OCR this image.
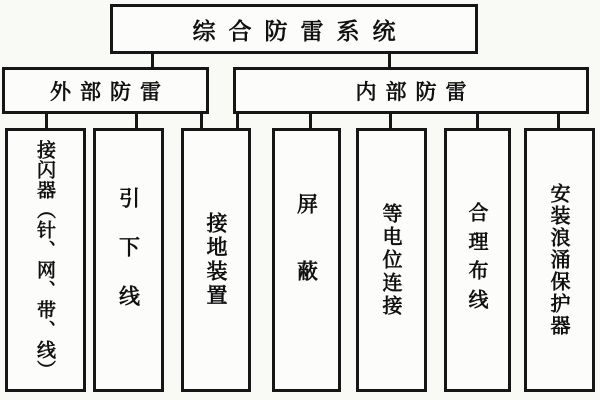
综合防雷系统
外部防雷	内部防雷
接闪器（针、网、带、线）	引下线	接地装置	屏蔽	等电位连接	合理布线	安装浪涌保护器
